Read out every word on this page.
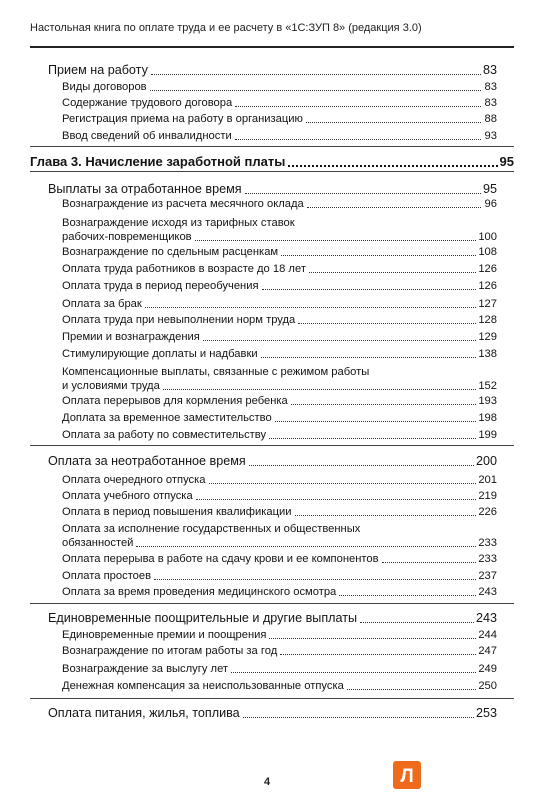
Настольная книга по оплате труда и ее расчету в «1С:ЗУП 8» (редакция 3.0)
Прием на работу	83
Виды договоров	83
Содержание трудового договора	83
Регистрация приема на работу в организацию	88
Ввод сведений об инвалидности	93
Глава 3. Начисление заработной платы	95
Выплаты за отработанное время	95
Вознаграждение из расчета месячного оклада	96
Вознаграждение исходя из тарифных ставок
рабочих-повременщиков	100
Вознаграждение по сдельным расценкам	108
Оплата труда работников в возрасте до 18 лет	126
Оплата труда в период переобучения	126
Оплата за брак	127
Оплата труда при невыполнении норм труда	128
Премии и вознаграждения	129
Стимулирующие доплаты и надбавки	138
Компенсационные выплаты, связанные с режимом работы
и условиями труда	152
Оплата перерывов для кормления ребенка	193
Доплата за временное заместительство	198
Оплата за работу по совместительству	199
Оплата за неотработанное время	200
Оплата очередного отпуска	201
Оплата учебного отпуска	219
Оплата в период повышения квалификации	226
Оплата за исполнение государственных и общественных
обязанностей	233
Оплата перерыва в работе на сдачу крови и ее компонентов	233
Оплата простоев	237
Оплата за время проведения медицинского осмотра	243
Единовременные поощрительные и другие выплаты	243
Единовременные премии и поощрения	244
Вознаграждение по итогам работы за год	247
Вознаграждение за выслугу лет	249
Денежная компенсация за неиспользованные отпуска	250
Оплата питания, жилья, топлива	253
4	Л
